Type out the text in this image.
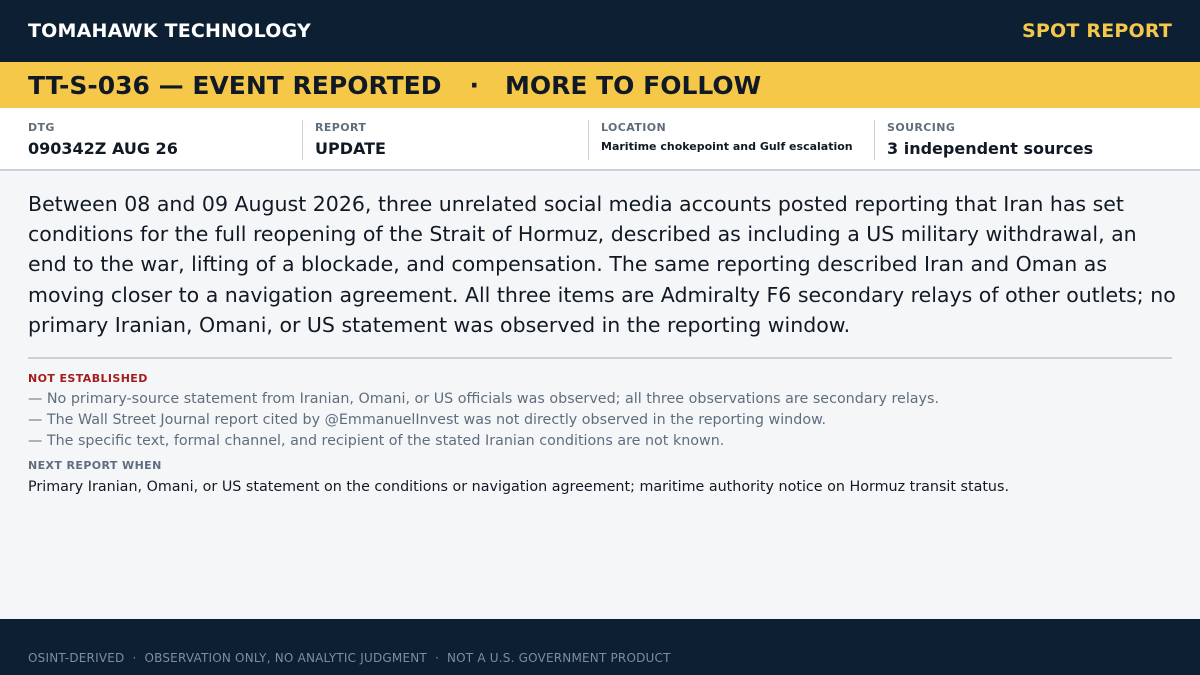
TOMAHAWK TECHNOLOGY	SPOT REPORT
TT-S-036 — EVENT REPORTED · MORE TO FOLLOW
DTG
090342Z AUG 26
REPORT
UPDATE
LOCATION
Maritime chokepoint and Gulf escalation
SOURCING
3 independent sources

Between 08 and 09 August 2026, three unrelated social media accounts posted reporting that Iran has set conditions for the full reopening of the Strait of Hormuz, described as including a US military withdrawal, an end to the war, lifting of a blockade, and compensation. The same reporting described Iran and Oman as moving closer to a navigation agreement. All three items are Admiralty F6 secondary relays of other outlets; no primary Iranian, Omani, or US statement was observed in the reporting window.

NOT ESTABLISHED
— No primary-source statement from Iranian, Omani, or US officials was observed; all three observations are secondary relays.
— The Wall Street Journal report cited by @EmmanuelInvest was not directly observed in the reporting window.
— The specific text, formal channel, and recipient of the stated Iranian conditions are not known.
NEXT REPORT WHEN
Primary Iranian, Omani, or US statement on the conditions or navigation agreement; maritime authority notice on Hormuz transit status.
OSINT-DERIVED · OBSERVATION ONLY, NO ANALYTIC JUDGMENT · NOT A U.S. GOVERNMENT PRODUCT
